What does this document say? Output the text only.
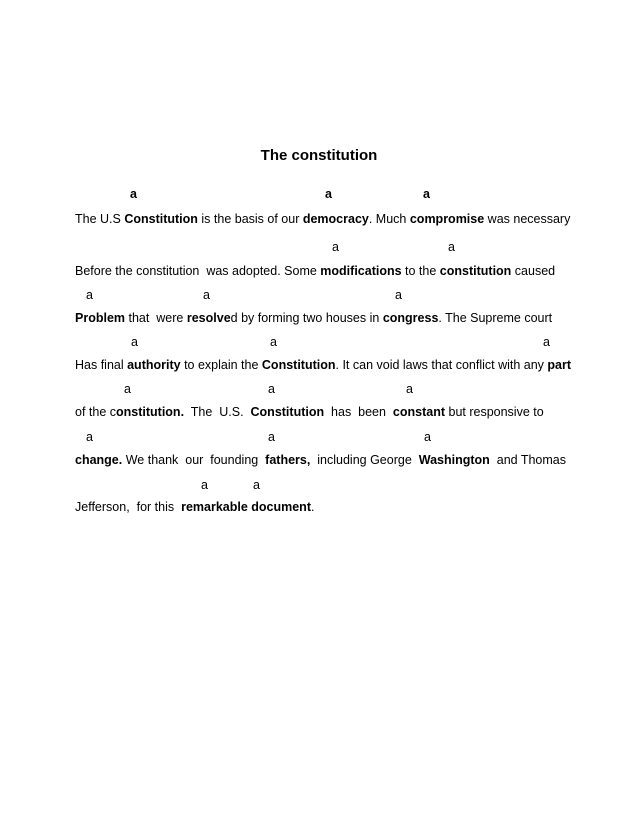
The constitution
a	a	a
The U.S Constitution is the basis of our democracy. Much compromise was necessary
a	a
Before the constitution  was adopted. Some modifications to the constitution caused
a	a	a
Problem that  were resolved by forming two houses in congress. The Supreme court
a	a	a
Has final authority to explain the Constitution. It can void laws that conflict with any part
a	a	a
of the constitution.  The  U.S.  Constitution  has  been  constant but responsive to
a	a	a
change. We thank  our  founding  fathers,  including George  Washington  and Thomas
a	a
Jefferson,  for this  remarkable document.
